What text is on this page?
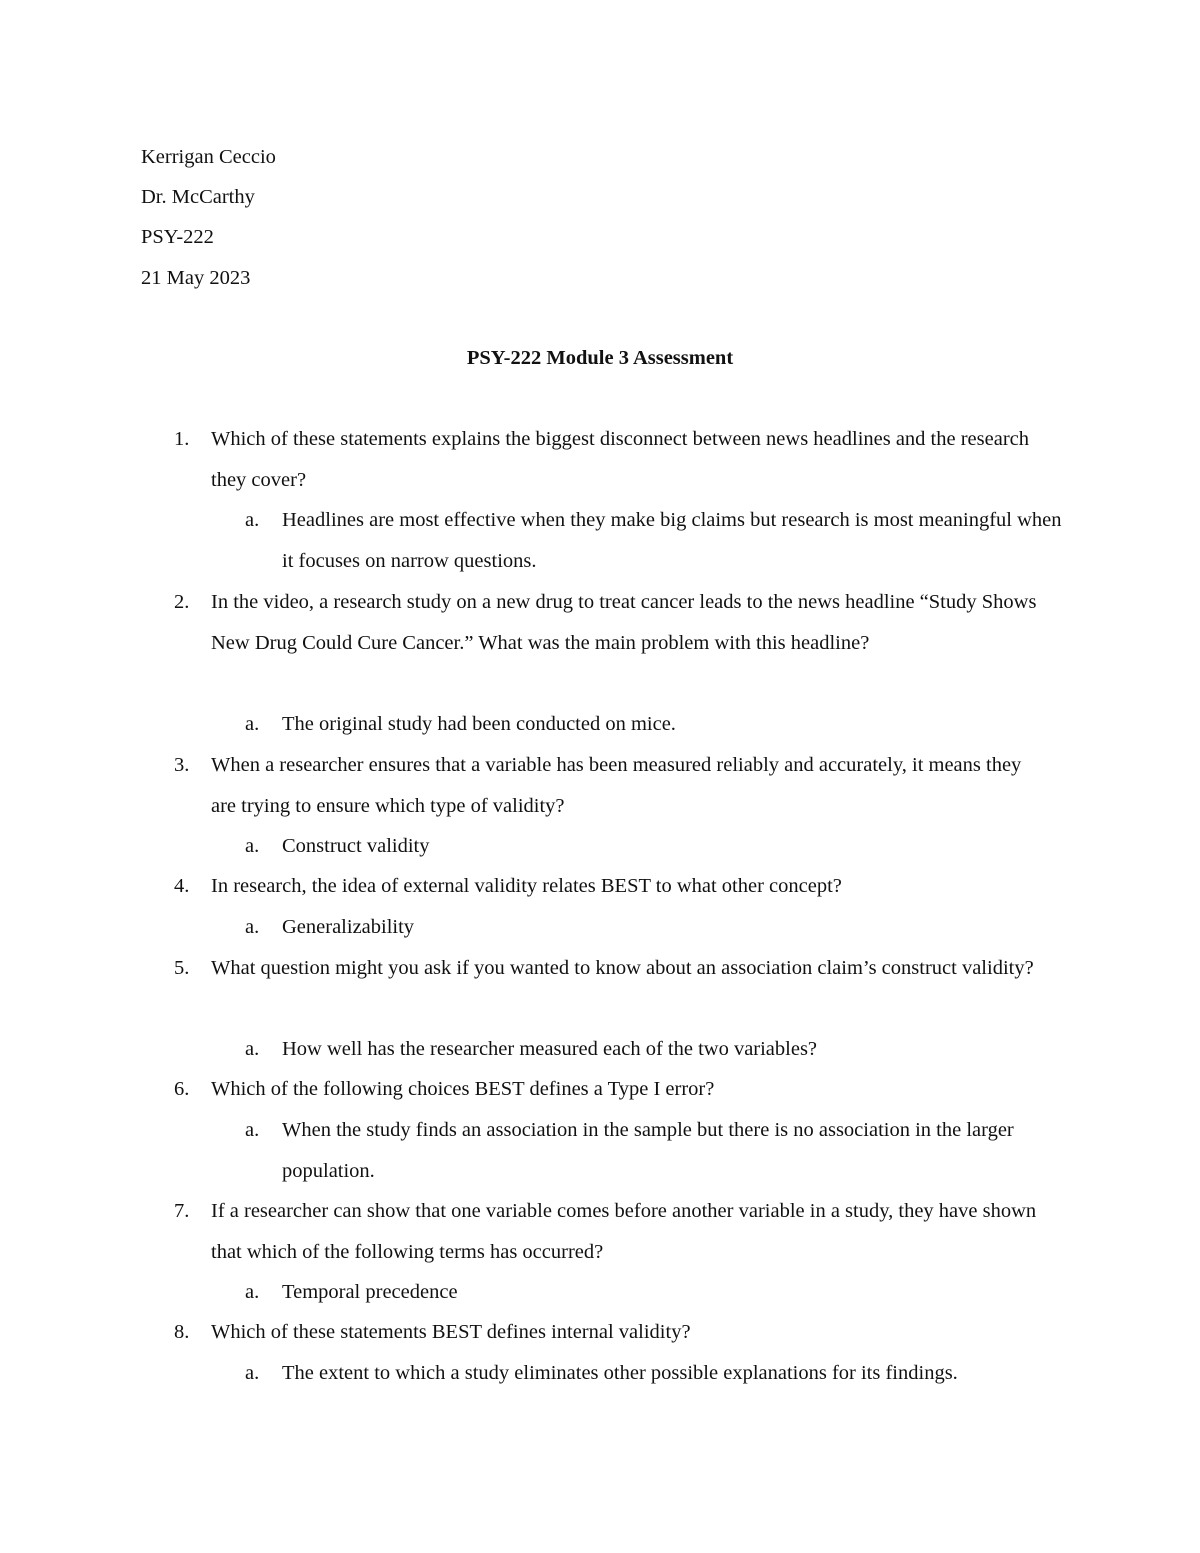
Kerrigan Ceccio
Dr. McCarthy
PSY-222
21 May 2023
PSY-222 Module 3 Assessment
1. Which of these statements explains the biggest disconnect between news headlines and the research they cover?
a. Headlines are most effective when they make big claims but research is most meaningful when it focuses on narrow questions.
2. In the video, a research study on a new drug to treat cancer leads to the news headline “Study Shows New Drug Could Cure Cancer.” What was the main problem with this headline?
a. The original study had been conducted on mice.
3. When a researcher ensures that a variable has been measured reliably and accurately, it means they are trying to ensure which type of validity?
a. Construct validity
4. In research, the idea of external validity relates BEST to what other concept?
a. Generalizability
5. What question might you ask if you wanted to know about an association claim’s construct validity?
a. How well has the researcher measured each of the two variables?
6. Which of the following choices BEST defines a Type I error?
a. When the study finds an association in the sample but there is no association in the larger population.
7. If a researcher can show that one variable comes before another variable in a study, they have shown that which of the following terms has occurred?
a. Temporal precedence
8. Which of these statements BEST defines internal validity?
a. The extent to which a study eliminates other possible explanations for its findings.
